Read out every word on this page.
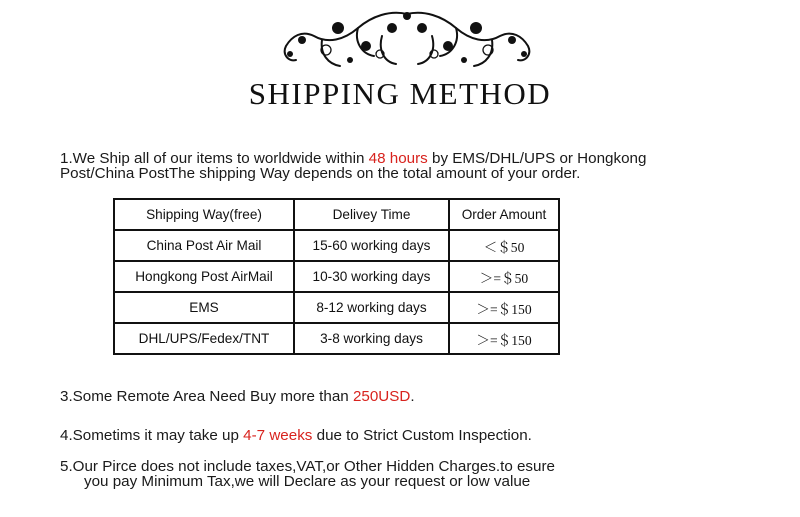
SHIPPING METHOD
1.We Ship all of our items to worldwide within 48 hours by EMS/DHL/UPS or Hongkong
Post/China PostThe shipping Way depends on the total amount of your order.
Shipping Way(free)	Delivey Time	Order Amount
China Post Air Mail	15-60 working days	＜＄50
Hongkong Post AirMail	10-30 working days	＞=＄50
EMS	8-12 working days	＞=＄150
DHL/UPS/Fedex/TNT	3-8 working days	＞=＄150
3.Some Remote Area Need Buy more than 250USD.
4.Sometims it may take up 4-7 weeks due to Strict Custom Inspection.
5.Our Pirce does not include taxes,VAT,or Other Hidden Charges.to esure
you pay Minimum Tax,we will Declare as your request or low value
